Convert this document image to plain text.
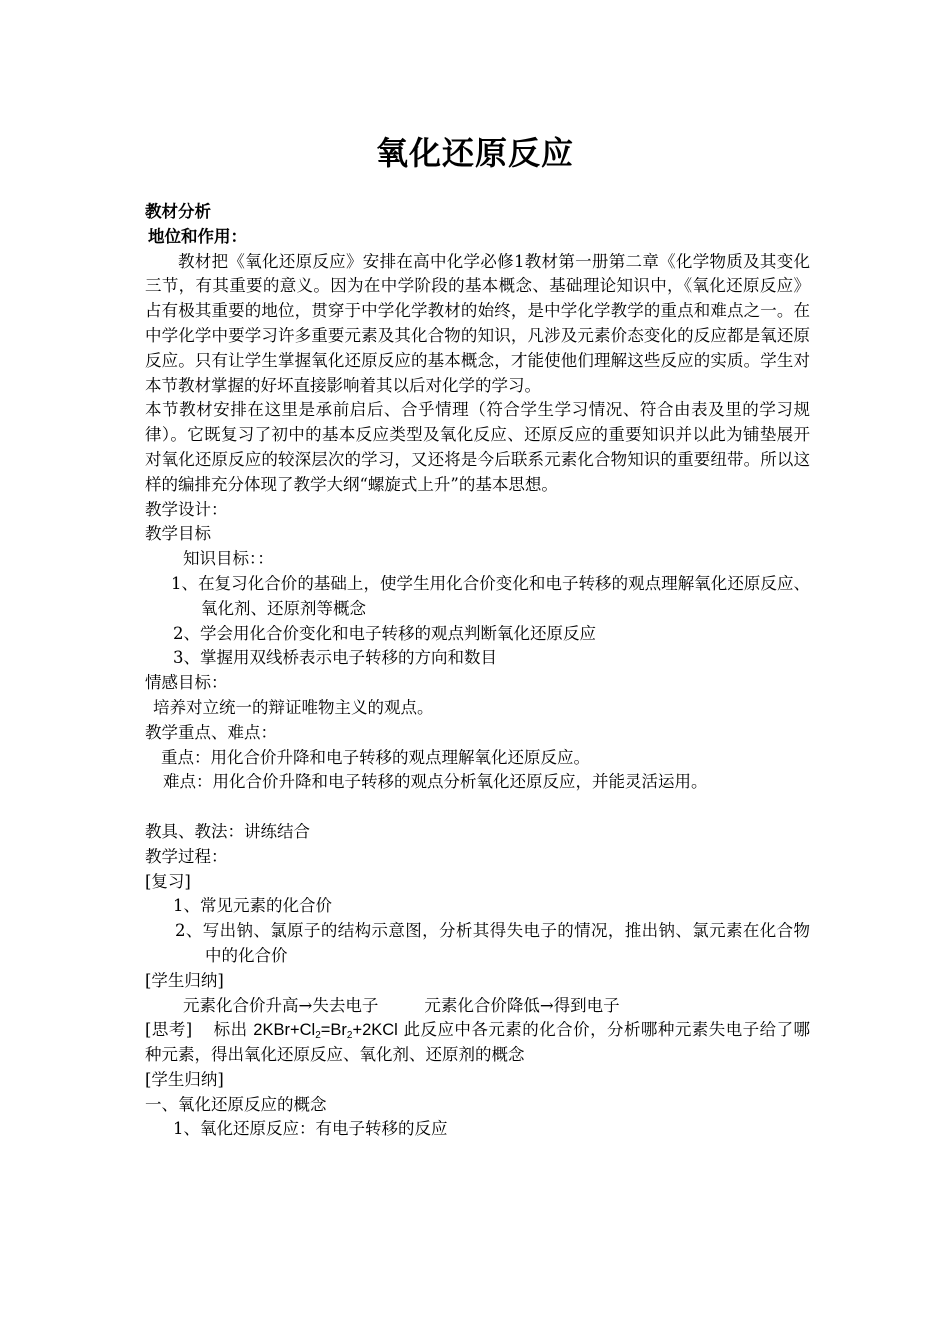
氧化还原反应
教材分析
地位和作用：
教材把《氧化还原反应》安排在高中化学必修1教材第一册第二章《化学物质及其变化三节，有其重要的意义。因为在中学阶段的基本概念、基础理论知识中，《氧化还原反应》占有极其重要的地位，贯穿于中学化学教材的始终，是中学化学教学的重点和难点之一。在中学化学中要学习许多重要元素及其化合物的知识，凡涉及元素价态变化的反应都是氧还原反应。只有让学生掌握氧化还原反应的基本概念，才能使他们理解这些反应的实质。学生对本节教材掌握的好坏直接影响着其以后对化学的学习。
本节教材安排在这里是承前启后、合乎情理（符合学生学习情况、符合由表及里的学习规律）。它既复习了初中的基本反应类型及氧化反应、还原反应的重要知识并以此为铺垫展开对氧化还原反应的较深层次的学习，又还将是今后联系元素化合物知识的重要纽带。所以这样的编排充分体现了教学大纲“螺旋式上升”的基本思想。
教学设计：
教学目标
知识目标：：
1、在复习化合价的基础上，使学生用化合价变化和电子转移的观点理解氧化还原反应、氧化剂、还原剂等概念
2、学会用化合价变化和电子转移的观点判断氧化还原反应
3、掌握用双线桥表示电子转移的方向和数目
情感目标：
培养对立统一的辩证唯物主义的观点。
教学重点、难点：
重点：用化合价升降和电子转移的观点理解氧化还原反应。
难点：用化合价升降和电子转移的观点分析氧化还原反应，并能灵活运用。
教具、教法：讲练结合
教学过程：
[复习]
1、常见元素的化合价
2、写出钠、氯原子的结构示意图，分析其得失电子的情况，推出钠、氯元素在化合物中的化合价
[学生归纳]
元素化合价升高→失去电子	元素化合价降低→得到电子
[思考] 标出 $2KBr+Cl_2=Br_2+2KCl$ 此反应中各元素的化合价，分析哪种元素失电子给了哪种元素，得出氧化还原反应、氧化剂、还原剂的概念
[学生归纳]
一、氧化还原反应的概念
1、氧化还原反应：有电子转移的反应
